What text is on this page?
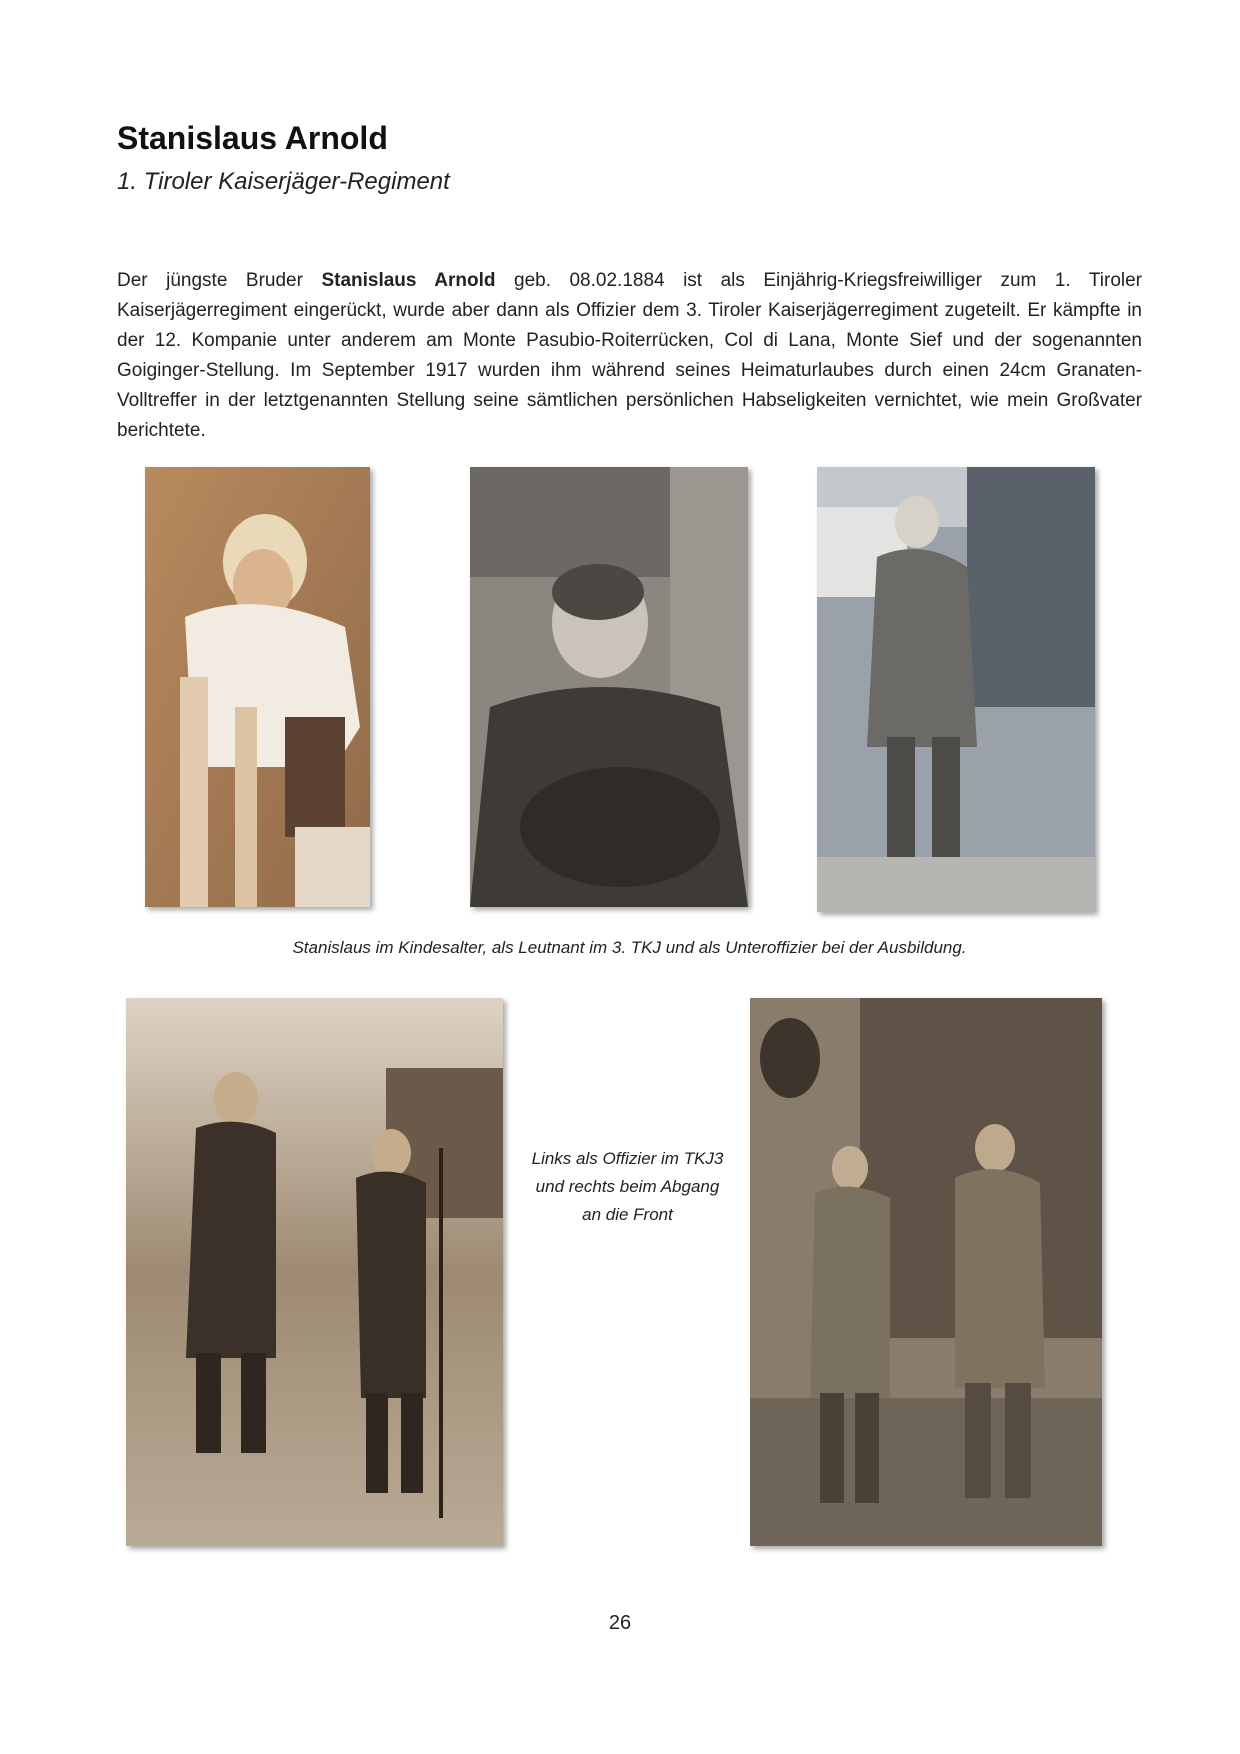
Stanislaus Arnold
1. Tiroler Kaiserjäger-Regiment
Der jüngste Bruder Stanislaus Arnold geb. 08.02.1884 ist als Einjährig-Kriegsfreiwilliger zum 1. Tiroler Kaiserjägerregiment eingerückt, wurde aber dann als Offizier dem 3. Tiroler Kaiserjägerregiment zugeteilt. Er kämpfte in der 12. Kompanie unter anderem am Monte Pasubio-Roiterrücken, Col di Lana, Monte Sief und der sogenannten Goiginger-Stellung. Im September 1917 wurden ihm während seines Heimaturlaubes durch einen 24cm Granaten-Volltreffer in der letztgenannten Stellung seine sämtlichen persönlichen Habseligkeiten vernichtet, wie mein Großvater berichtete.
Stanislaus im Kindesalter, als Leutnant im 3. TKJ und als Unteroffizier bei der Ausbildung.
Links als Offizier im TKJ3
und rechts beim Abgang
an die Front
26
